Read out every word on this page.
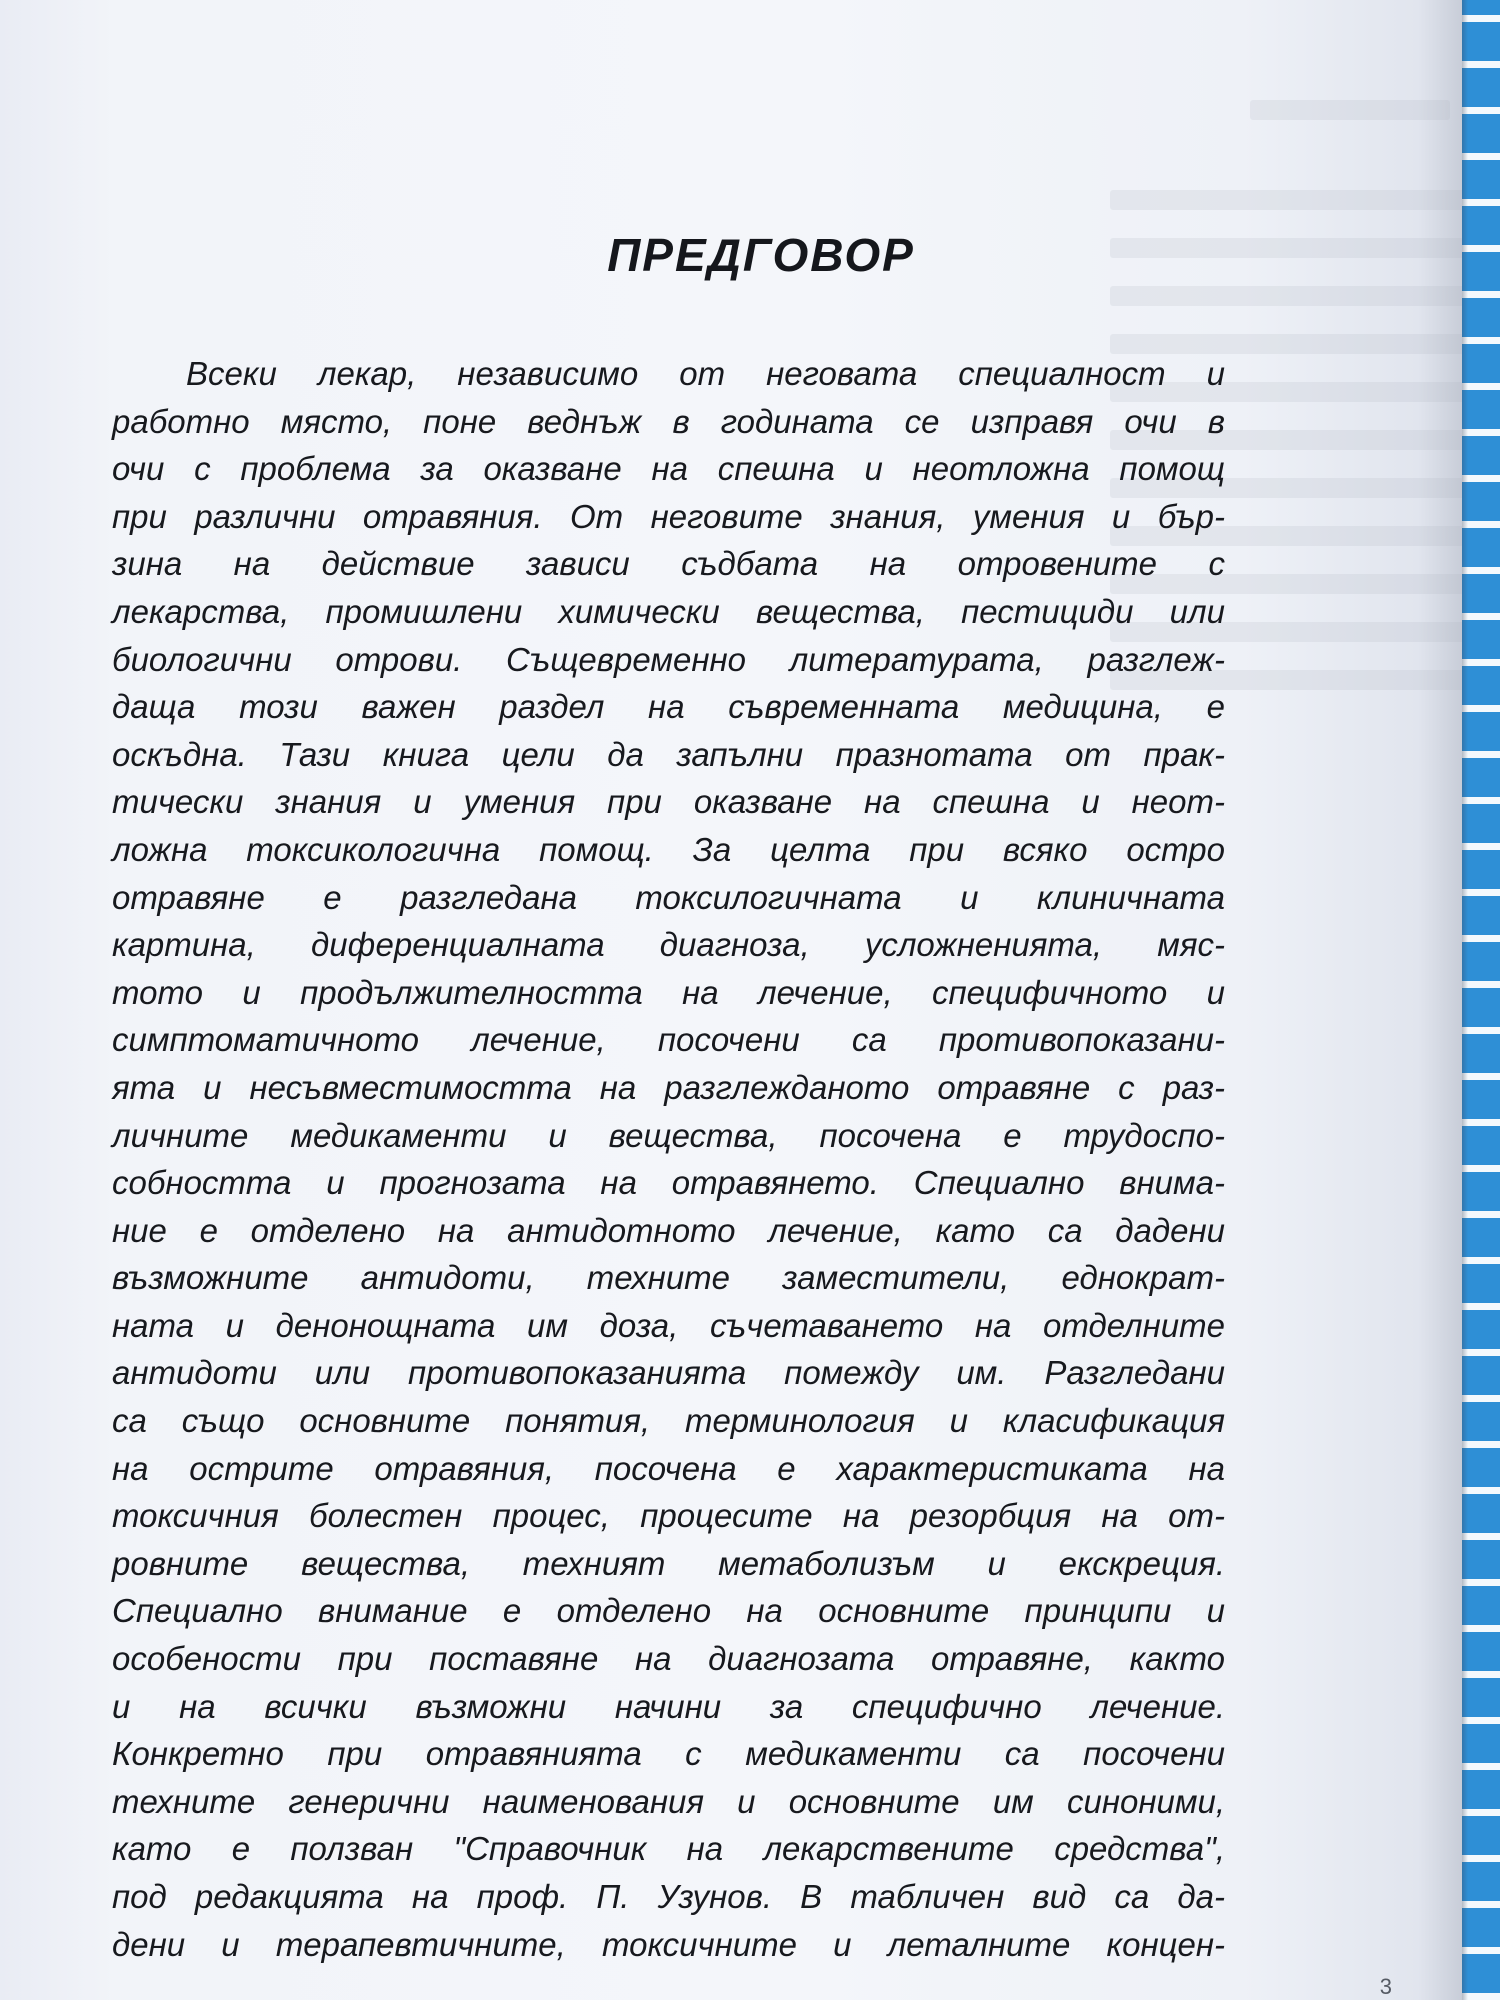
ПРЕДГОВОР
Всеки лекар, независимо от неговата специалност и
работно място, поне веднъж в годината се изправя очи в
очи с проблема за оказване на спешна и неотложна помощ
при различни отравяния. От неговите знания, умения и бър-
зина на действие зависи съдбата на отровените с
лекарства, промишлени химически вещества, пестициди или
биологични отрови. Същевременно литературата, разглеж-
даща този важен раздел на съвременната медицина, е
оскъдна. Тази книга цели да запълни празнотата от прак-
тически знания и умения при оказване на спешна и неот-
ложна токсикологична помощ. За целта при всяко остро
отравяне е разгледана токсилогичната и клиничната
картина, диференциалната диагноза, усложненията, мяс-
тото и продължителността на лечение, специфичното и
симптоматичното лечение, посочени са противопоказани-
ята и несъвместимостта на разглежданото отравяне с раз-
личните медикаменти и вещества, посочена е трудоспо-
собността и прогнозата на отравянето. Специално внима-
ние е отделено на антидотното лечение, като са дадени
възможните антидоти, техните заместители, еднократ-
ната и денонощната им доза, съчетаването на отделните
антидоти или противопоказанията помежду им. Разгледани
са също основните понятия, терминология и класификация
на острите отравяния, посочена е характеристиката на
токсичния болестен процес, процесите на резорбция на от-
ровните вещества, техният метаболизъм и екскреция.
Специално внимание е отделено на основните принципи и
особености при поставяне на диагнозата отравяне, както
и на всички възможни начини за специфично лечение.
Конкретно при отравянията с медикаменти са посочени
техните генерични наименования и основните им синоними,
като е ползван "Справочник на лекарствените средства",
под редакцията на проф. П. Узунов. В табличен вид са да-
дени и терапевтичните, токсичните и леталните концен-
3
